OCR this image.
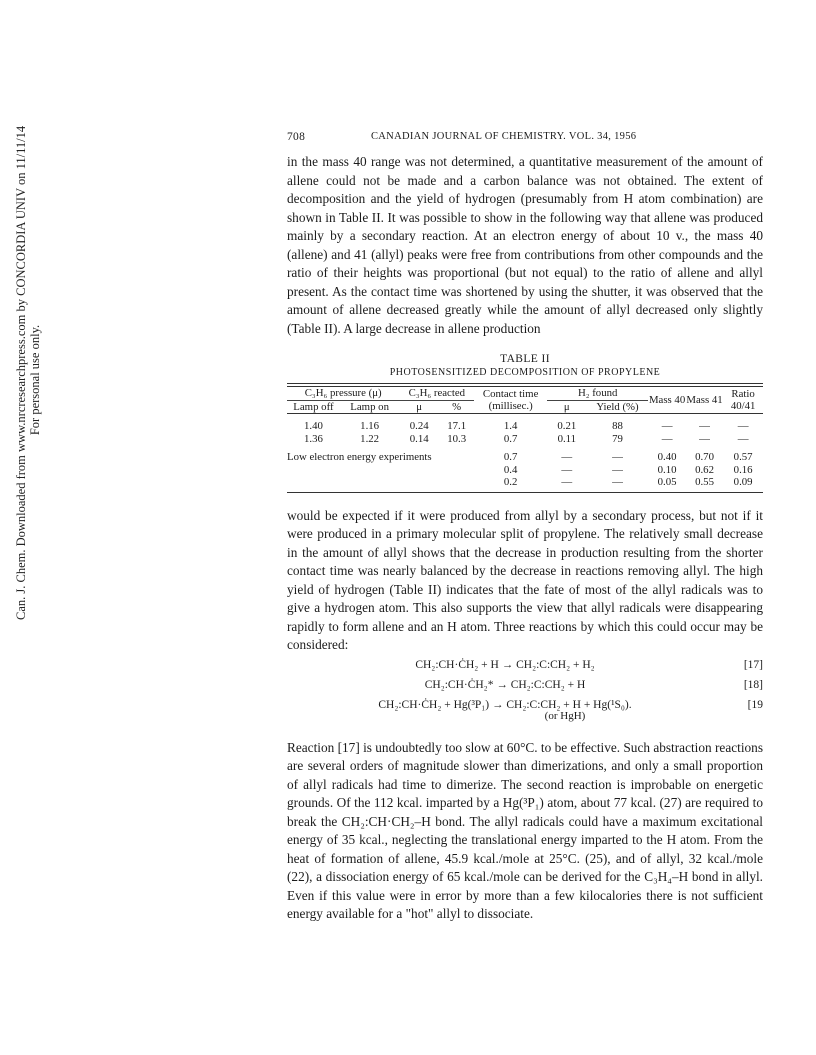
Can. J. Chem. Downloaded from www.nrcresearchpress.com by CONCORDIA UNIV on 11/11/14 For personal use only.
708	CANADIAN JOURNAL OF CHEMISTRY. VOL. 34, 1956

in the mass 40 range was not determined, a quantitative measurement of the amount of allene could not be made and a carbon balance was not obtained. The extent of decomposition and the yield of hydrogen (presumably from H atom combination) are shown in Table II. It was possible to show in the following way that allene was produced mainly by a secondary reaction. At an electron energy of about 10 v., the mass 40 (allene) and 41 (allyl) peaks were free from contributions from other compounds and the ratio of their heights was proportional (but not equal) to the ratio of allene and allyl present. As the contact time was shortened by using the shutter, it was observed that the amount of allene decreased greatly while the amount of allyl decreased only slightly (Table II). A large decrease in allene production

TABLE II
PHOTOSENSITIZED DECOMPOSITION OF PROPYLENE
C₃H₆ pressure (μ)		C₃H₆ reacted		Contact time (millisec.)	H₂ found		Mass 40	Mass 41	Ratio 40/41
Lamp off	Lamp on	μ	%		μ	Yield (%)			

1.40	1.16	0.24	17.1	1.4	0.21	88	—	—	—
1.36	1.22	0.14	10.3	0.7	0.11	79	—	—	—

Low electron energy experiments				0.7	—	—	0.40	0.70	0.57
				0.4	—	—	0.10	0.62	0.16
				0.2	—	—	0.05	0.55	0.09

would be expected if it were produced from allyl by a secondary process, but not if it were produced in a primary molecular split of propylene. The relatively small decrease in the amount of allyl shows that the decrease in production resulting from the shorter contact time was nearly balanced by the decrease in reactions removing allyl. The high yield of hydrogen (Table II) indicates that the fate of most of the allyl radicals was to give a hydrogen atom. This also supports the view that allyl radicals were disappearing rapidly to form allene and an H atom. Three reactions by which this could occur may be considered:

CH₂:CH·ĊH₂ + H → CH₂:C:CH₂ + H₂	[17]
CH₂:CH·ĊH₂* → CH₂:C:CH₂ + H	[18]
CH₂:CH·ĊH₂ + Hg(³P₁) → CH₂:C:CH₂ + H + Hg(¹S₀).
(or HgH)
[19

Reaction [17] is undoubtedly too slow at 60°C. to be effective. Such abstraction reactions are several orders of magnitude slower than dimerizations, and only a small proportion of allyl radicals had time to dimerize. The second reaction is improbable on energetic grounds. Of the 112 kcal. imparted by a Hg(³P₁) atom, about 77 kcal. (27) are required to break the CH₂:CH·CH₂–H bond. The allyl radicals could have a maximum excitational energy of 35 kcal., neglecting the translational energy imparted to the H atom. From the heat of formation of allene, 45.9 kcal./mole at 25°C. (25), and of allyl, 32 kcal./mole (22), a dissociation energy of 65 kcal./mole can be derived for the C₃H₄–H bond in allyl. Even if this value were in error by more than a few kilocalories there is not sufficient energy available for a "hot" allyl to dissociate.
